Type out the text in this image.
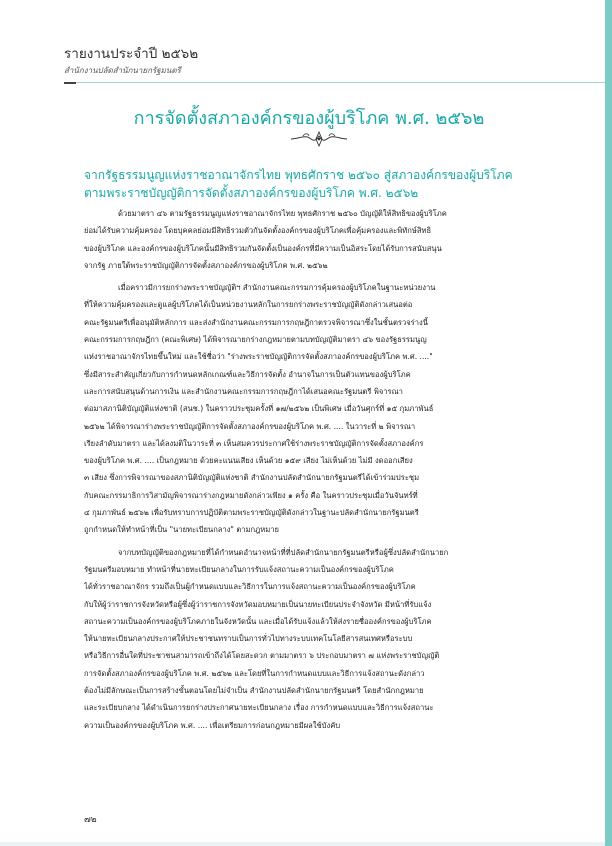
รายงานประจำปี ๒๕๖๒
สำนักงานปลัดสำนักนายกรัฐมนตรี
การจัดตั้งสภาองค์กรของผู้บริโภค พ.ศ. ๒๕๖๒
จากรัฐธรรมนูญแห่งราชอาณาจักรไทย พุทธศักราช ๒๕๖๐ สู่สภาองค์กรของผู้บริโภค
ตามพระราชบัญญัติการจัดตั้งสภาองค์กรของผู้บริโภค พ.ศ. ๒๕๖๒
ด้วยมาตรา ๔๖ ตามรัฐธรรมนูญแห่งราชอาณาจักรไทย พุทธศักราช ๒๕๖๐ บัญญัติให้สิทธิของผู้บริโภค
ย่อมได้รับความคุ้มครอง โดยบุคคลย่อมมีสิทธิรวมตัวกันจัดตั้งองค์กรของผู้บริโภคเพื่อคุ้มครองและพิทักษ์สิทธิ
ของผู้บริโภค และองค์กรของผู้บริโภคนั้นมีสิทธิรวมกันจัดตั้งเป็นองค์กรที่มีความเป็นอิสระโดยได้รับการสนับสนุน
จากรัฐ ภายใต้พระราชบัญญัติการจัดตั้งสภาองค์กรของผู้บริโภค พ.ศ. ๒๕๖๒
เมื่อคราวมีการยกร่างพระราชบัญญัติฯ สำนักงานคณะกรรมการคุ้มครองผู้บริโภคในฐานะหน่วยงาน
ที่ให้ความคุ้มครองและดูแลผู้บริโภคได้เป็นหน่วยงานหลักในการยกร่างพระราชบัญญัติดังกล่าวเสนอต่อ
คณะรัฐมนตรีเพื่ออนุมัติหลักการ และส่งสำนักงานคณะกรรมการกฤษฎีกาตรวจพิจารณาซึ่งในชั้นตรวจร่างนี้
คณะกรรมการกฤษฎีกา (คณะพิเศษ) ได้พิจารณายกร่างกฎหมายตามบทบัญญัติมาตรา ๔๖ ของรัฐธรรมนูญ
แห่งราชอาณาจักรไทยขึ้นใหม่ และใช้ชื่อว่า "ร่างพระราชบัญญัติการจัดตั้งสภาองค์กรของผู้บริโภค พ.ศ. ...."
ซึ่งมีสาระสำคัญเกี่ยวกับการกำหนดหลักเกณฑ์และวิธีการจัดตั้ง อำนาจในการเป็นตัวแทนของผู้บริโภค
และการสนับสนุนด้านการเงิน และสำนักงานคณะกรรมการกฤษฎีกาได้เสนอคณะรัฐมนตรี พิจารณา
ต่อมาสภานิติบัญญัติแห่งชาติ (สนช.) ในคราวประชุมครั้งที่ ๑๗/๒๕๖๒ เป็นพิเศษ เมื่อวันศุกร์ที่ ๑๕ กุมภาพันธ์
๒๕๖๒ ได้พิจารณาร่างพระราชบัญญัติการจัดตั้งสภาองค์กรของผู้บริโภค พ.ศ. .... ในวาระที่ ๒ พิจารณา
เรียงลำดับมาตรา และได้ลงมติในวาระที่ ๓ เห็นสมควรประกาศใช้ร่างพระราชบัญญัติการจัดตั้งสภาองค์กร
ของผู้บริโภค พ.ศ. .... เป็นกฎหมาย ด้วยคะแนนเสียง เห็นด้วย ๑๕๙ เสียง ไม่เห็นด้วย ไม่มี งดออกเสียง
๓ เสียง ซึ่งการพิจารณาของสภานิติบัญญัติแห่งชาติ สำนักงานปลัดสำนักนายกรัฐมนตรีได้เข้าร่วมประชุม
กับคณะกรรมาธิการวิสามัญพิจารณาร่างกฎหมายดังกล่าวเพียง ๑ ครั้ง คือ ในคราวประชุมเมื่อวันจันทร์ที่
๔ กุมภาพันธ์ ๒๕๖๒ เพื่อรับทราบการปฏิบัติตามพระราชบัญญัติดังกล่าวในฐานะปลัดสำนักนายกรัฐมนตรี
ถูกกำหนดให้ทำหน้าที่เป็น "นายทะเบียนกลาง" ตามกฎหมาย
จากบทบัญญัติของกฎหมายที่ได้กำหนดอำนาจหน้าที่ที่ปลัดสำนักนายกรัฐมนตรีหรือผู้ซึ่งปลัดสำนักนายก
รัฐมนตรีมอบหมาย ทำหน้าที่นายทะเบียนกลางในการรับแจ้งสถานะความเป็นองค์กรของผู้บริโภค
ได้ทั่วราชอาณาจักร รวมถึงเป็นผู้กำหนดแบบและวิธีการในการแจ้งสถานะความเป็นองค์กรของผู้บริโภค
กับให้ผู้ว่าราชการจังหวัดหรือผู้ซึ่งผู้ว่าราชการจังหวัดมอบหมายเป็นนายทะเบียนประจำจังหวัด มีหน้าที่รับแจ้ง
สถานะความเป็นองค์กรของผู้บริโภคภายในจังหวัดนั้น และเมื่อได้รับแจ้งแล้วให้ส่งรายชื่อองค์กรของผู้บริโภค
ให้นายทะเบียนกลางประกาศให้ประชาชนทราบเป็นการทั่วไปทางระบบเทคโนโลยีสารสนเทศหรือระบบ
หรือวิธีการอื่นใดที่ประชาชนสามารถเข้าถึงได้โดยสะดวก ตามมาตรา ๖ ประกอบมาตรา ๗ แห่งพระราชบัญญัติ
การจัดตั้งสภาองค์กรของผู้บริโภค พ.ศ. ๒๕๖๒ และโดยที่ในการกำหนดแบบและวิธีการแจ้งสถานะดังกล่าว
ต้องไม่มีลักษณะเป็นการสร้างขั้นตอนโดยไม่จำเป็น สำนักงานปลัดสำนักนายกรัฐมนตรี โดยสำนักกฎหมาย
และระเบียบกลาง ได้ดำเนินการยกร่างประกาศนายทะเบียนกลาง เรื่อง การกำหนดแบบและวิธีการแจ้งสถานะ
ความเป็นองค์กรของผู้บริโภค พ.ศ. .... เพื่อเตรียมการก่อนกฎหมายมีผลใช้บังคับ
๗๒
